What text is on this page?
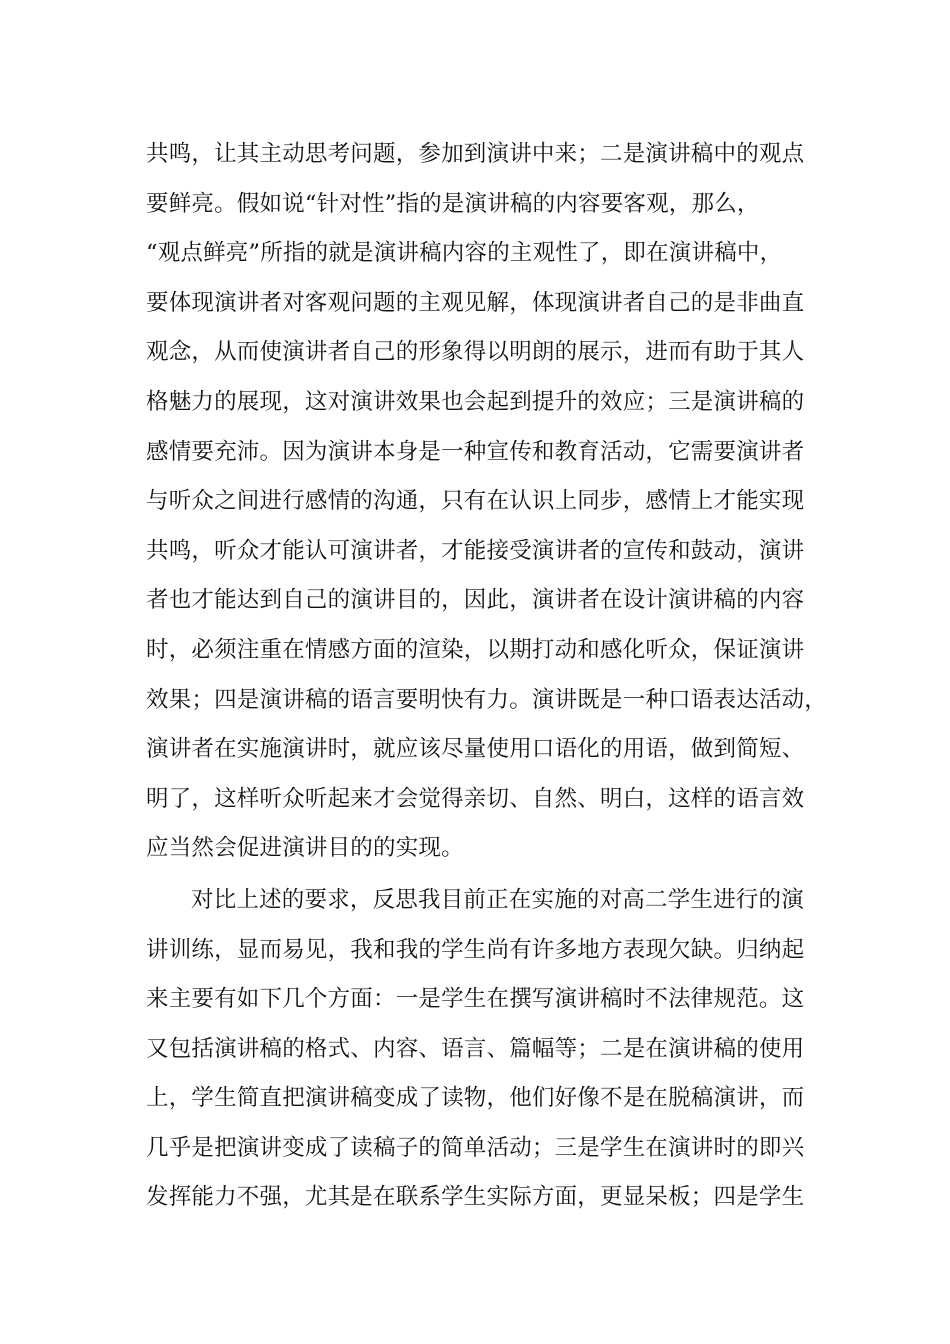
共鸣，让其主动思考问题，参加到演讲中来；二是演讲稿中的观点
要鲜亮。假如说“针对性”指的是演讲稿的内容要客观，那么，
“观点鲜亮”所指的就是演讲稿内容的主观性了，即在演讲稿中，
要体现演讲者对客观问题的主观见解，体现演讲者自己的是非曲直
观念，从而使演讲者自己的形象得以明朗的展示，进而有助于其人
格魅力的展现，这对演讲效果也会起到提升的效应；三是演讲稿的
感情要充沛。因为演讲本身是一种宣传和教育活动，它需要演讲者
与听众之间进行感情的沟通，只有在认识上同步，感情上才能实现
共鸣，听众才能认可演讲者，才能接受演讲者的宣传和鼓动，演讲
者也才能达到自己的演讲目的，因此，演讲者在设计演讲稿的内容
时，必须注重在情感方面的渲染，以期打动和感化听众，保证演讲
效果；四是演讲稿的语言要明快有力。演讲既是一种口语表达活动，
演讲者在实施演讲时，就应该尽量使用口语化的用语，做到简短、
明了，这样听众听起来才会觉得亲切、自然、明白，这样的语言效
应当然会促进演讲目的的实现。
对比上述的要求，反思我目前正在实施的对高二学生进行的演
讲训练，显而易见，我和我的学生尚有许多地方表现欠缺。归纳起
来主要有如下几个方面：一是学生在撰写演讲稿时不法律规范。这
又包括演讲稿的格式、内容、语言、篇幅等；二是在演讲稿的使用
上，学生简直把演讲稿变成了读物，他们好像不是在脱稿演讲，而
几乎是把演讲变成了读稿子的简单活动；三是学生在演讲时的即兴
发挥能力不强，尤其是在联系学生实际方面，更显呆板；四是学生
